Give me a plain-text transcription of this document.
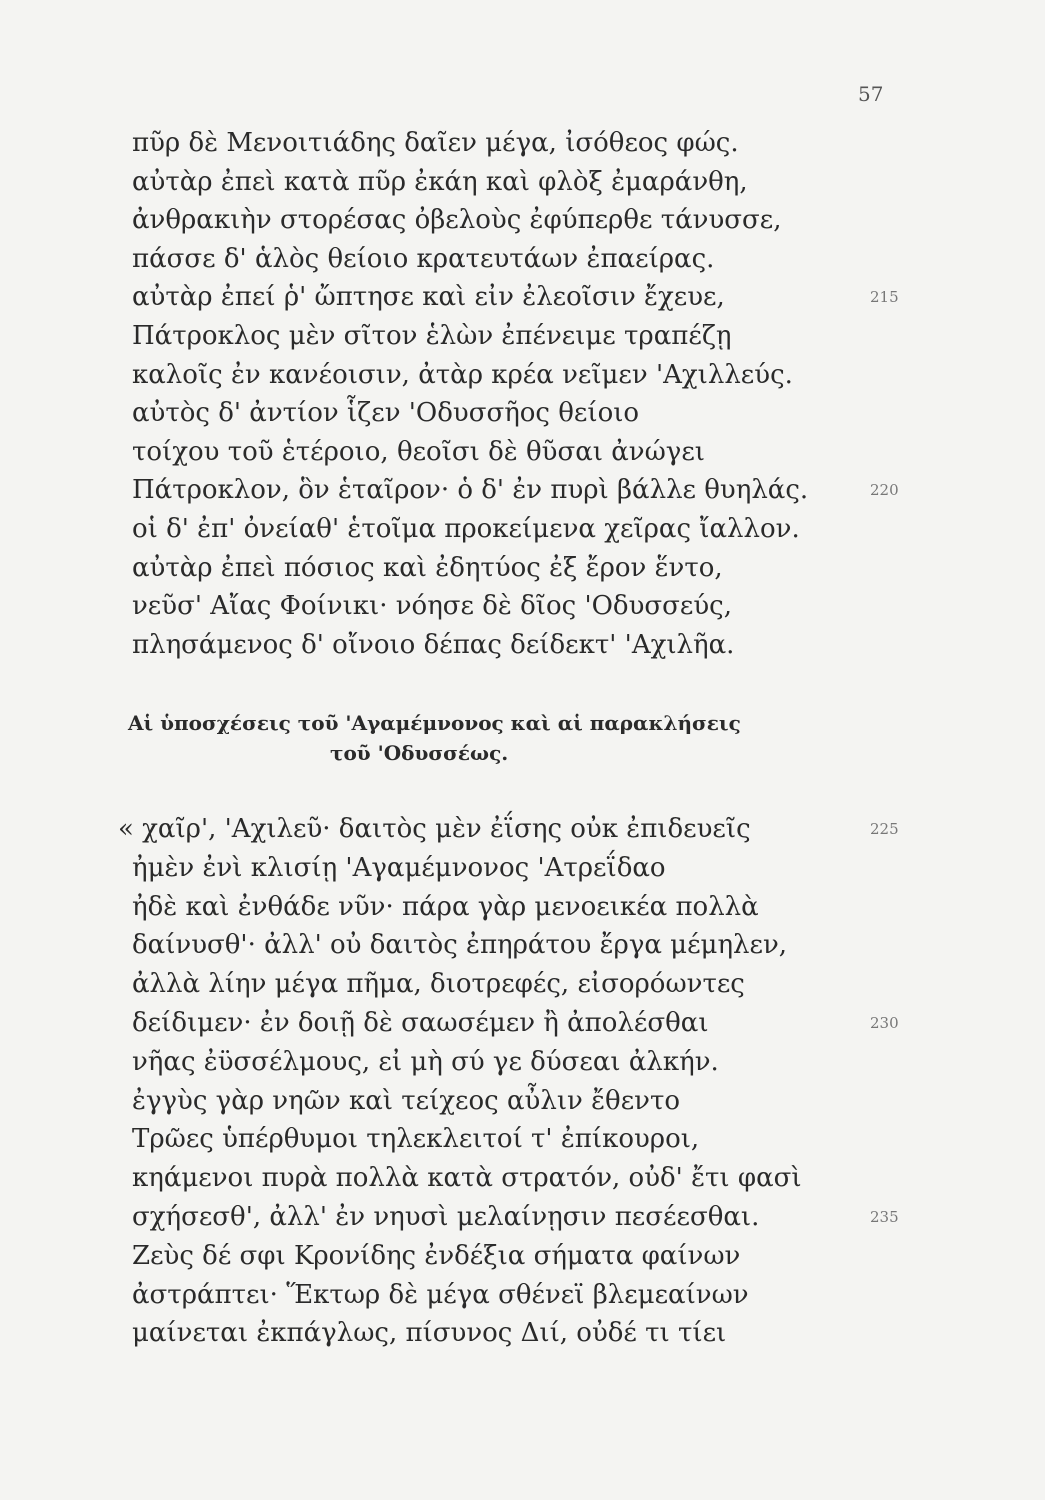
57
πῦρ δὲ Μενοιτιάδης δαῖεν μέγα, ἰσόθεος φώς.
αὐτὰρ ἐπεὶ κατὰ πῦρ ἐκάη καὶ φλὸξ ἐμαράνθη,
ἀνθρακιὴν στορέσας ὀβελοὺς ἐφύπερθε τάνυσσε,
πάσσε δ' ἁλὸς θείοιο κρατευτάων ἐπαείρας.
αὐτὰρ ἐπεί ῥ' ὤπτησε καὶ εἰν ἐλεοῖσιν ἔχευε,	215
Πάτροκλος μὲν σῖτον ἑλὼν ἐπένειμε τραπέζῃ
καλοῖς ἐν κανέοισιν, ἀτὰρ κρέα νεῖμεν 'Αχιλλεύς.
αὐτὸς δ' ἀντίον ἷζεν 'Οδυσσῆος θείοιο
τοίχου τοῦ ἑτέροιο, θεοῖσι δὲ θῦσαι ἀνώγει
Πάτροκλον, ὃν ἑταῖρον· ὁ δ' ἐν πυρὶ βάλλε θυηλάς.	220
οἱ δ' ἐπ' ὀνείαθ' ἑτοῖμα προκείμενα χεῖρας ἴαλλον.
αὐτὰρ ἐπεὶ πόσιος καὶ ἐδητύος ἐξ ἔρον ἕντο,
νεῦσ' Αἴας Φοίνικι· νόησε δὲ δῖος 'Οδυσσεύς,
πλησάμενος δ' οἴνοιο δέπας δείδεκτ' 'Αχιλῆα.
Αἱ ὑποσχέσεις τοῦ 'Αγαμέμνονος καὶ αἱ παρακλήσεις
τοῦ 'Οδυσσέως.
« χαῖρ', 'Αχιλεῦ· δαιτὸς μὲν ἐΐσης οὐκ ἐπιδευεῖς	225
ἠμὲν ἐνὶ κλισίῃ 'Αγαμέμνονος 'Ατρεΐδαο
ἠδὲ καὶ ἐνθάδε νῦν· πάρα γὰρ μενοεικέα πολλὰ
δαίνυσθ'· ἀλλ' οὐ δαιτὸς ἐπηράτου ἔργα μέμηλεν,
ἀλλὰ λίην μέγα πῆμα, διοτρεφές, εἰσορόωντες
δείδιμεν· ἐν δοιῇ δὲ σαωσέμεν ἢ ἀπολέσθαι	230
νῆας ἐϋσσέλμους, εἰ μὴ σύ γε δύσεαι ἀλκήν.
ἐγγὺς γὰρ νηῶν καὶ τείχεος αὖλιν ἔθεντο
Τρῶες ὑπέρθυμοι τηλεκλειτοί τ' ἐπίκουροι,
κηάμενοι πυρὰ πολλὰ κατὰ στρατόν, οὐδ' ἔτι φασὶ
σχήσεσθ', ἀλλ' ἐν νηυσὶ μελαίνῃσιν πεσέεσθαι.	235
Ζεὺς δέ σφι Κρονίδης ἐνδέξια σήματα φαίνων
ἀστράπτει· Ἕκτωρ δὲ μέγα σθένεϊ βλεμεαίνων
μαίνεται ἐκπάγλως, πίσυνος Διί, οὐδέ τι τίει
